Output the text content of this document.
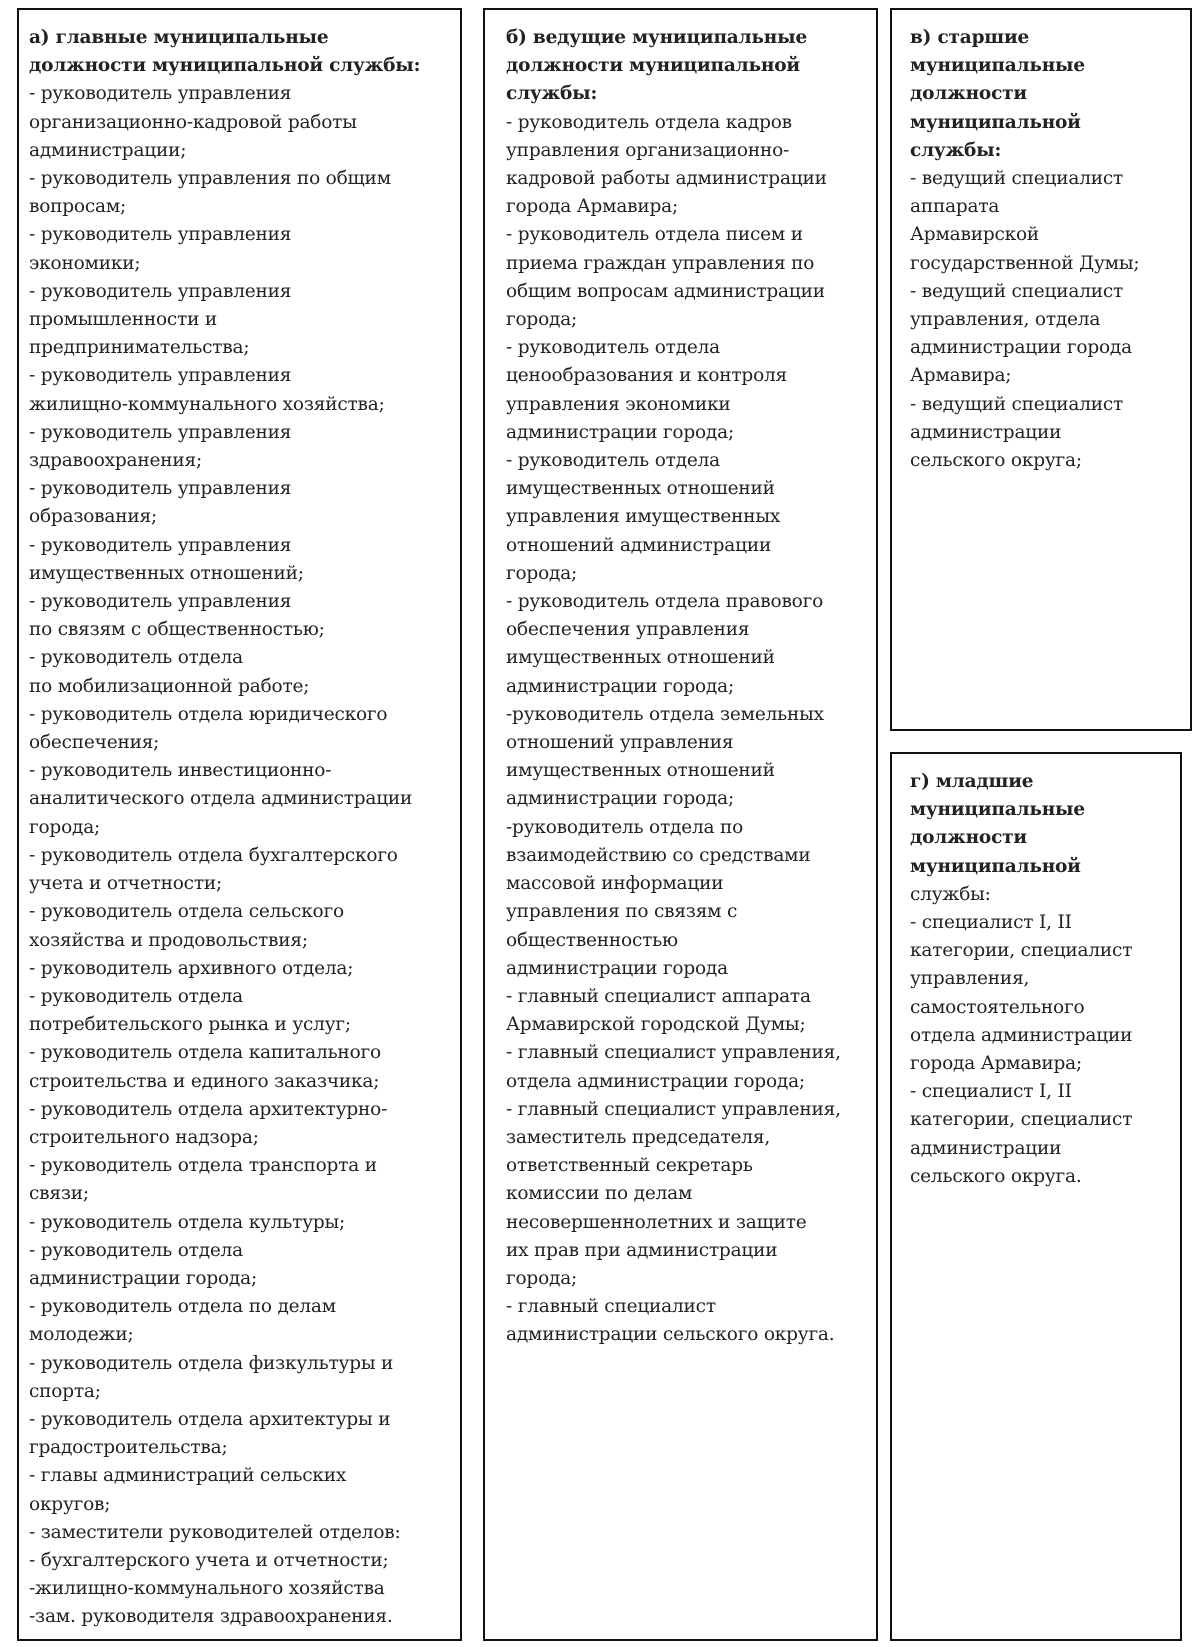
а) главные муниципальные
должности муниципальной службы:
- руководитель управления
организационно-кадровой работы
администрации;
- руководитель управления по общим
вопросам;
- руководитель управления
экономики;
- руководитель управления
промышленности и
предпринимательства;
- руководитель управления
жилищно-коммунального хозяйства;
- руководитель управления
здравоохранения;
- руководитель управления
образования;
- руководитель управления
имущественных отношений;
- руководитель управления
по связям с общественностью;
- руководитель отдела
по мобилизационной работе;
- руководитель отдела юридического
обеспечения;
- руководитель инвестиционно-
аналитического отдела администрации
города;
- руководитель отдела бухгалтерского
учета и отчетности;
- руководитель отдела сельского
хозяйства и продовольствия;
- руководитель архивного отдела;
- руководитель отдела
потребительского рынка и услуг;
- руководитель отдела капитального
строительства и единого заказчика;
- руководитель отдела архитектурно-
строительного надзора;
- руководитель отдела транспорта и
связи;
- руководитель отдела культуры;
- руководитель отдела
администрации города;
- руководитель отдела по делам
молодежи;
- руководитель отдела физкультуры и
спорта;
- руководитель отдела архитектуры и
градостроительства;
- главы администраций сельских
округов;
- заместители руководителей отделов:
- бухгалтерского учета и отчетности;
-жилищно-коммунального хозяйства
-зам. руководителя здравоохранения.
б) ведущие муниципальные
должности муниципальной
службы:
- руководитель отдела кадров
управления организационно-
кадровой работы администрации
города Армавира;
- руководитель отдела писем и
приема граждан управления по
общим вопросам администрации
города;
- руководитель отдела
ценообразования и контроля
управления экономики
администрации города;
- руководитель отдела
имущественных отношений
управления имущественных
отношений администрации
города;
- руководитель отдела правового
обеспечения управления
имущественных отношений
администрации города;
-руководитель отдела земельных
отношений управления
имущественных отношений
администрации города;
-руководитель отдела по
взаимодействию со средствами
массовой информации
управления по связям с
общественностью
администрации города
- главный специалист аппарата
Армавирской городской Думы;
- главный специалист управления,
отдела администрации города;
- главный специалист управления,
заместитель председателя,
ответственный секретарь
комиссии по делам
несовершеннолетних и защите
их прав при администрации
города;
- главный специалист
администрации сельского округа.
в) старшие
муниципальные
должности
муниципальной
службы:
- ведущий специалист
аппарата
Армавирской
государственной Думы;
- ведущий специалист
управления, отдела
администрации города
Армавира;
- ведущий специалист
администрации
сельского округа;
г) младшие
муниципальные
должности
муниципальной
службы:
- специалист I, II
категории, специалист
управления,
самостоятельного
отдела администрации
города Армавира;
- специалист I, II
категории, специалист
администрации
сельского округа.
